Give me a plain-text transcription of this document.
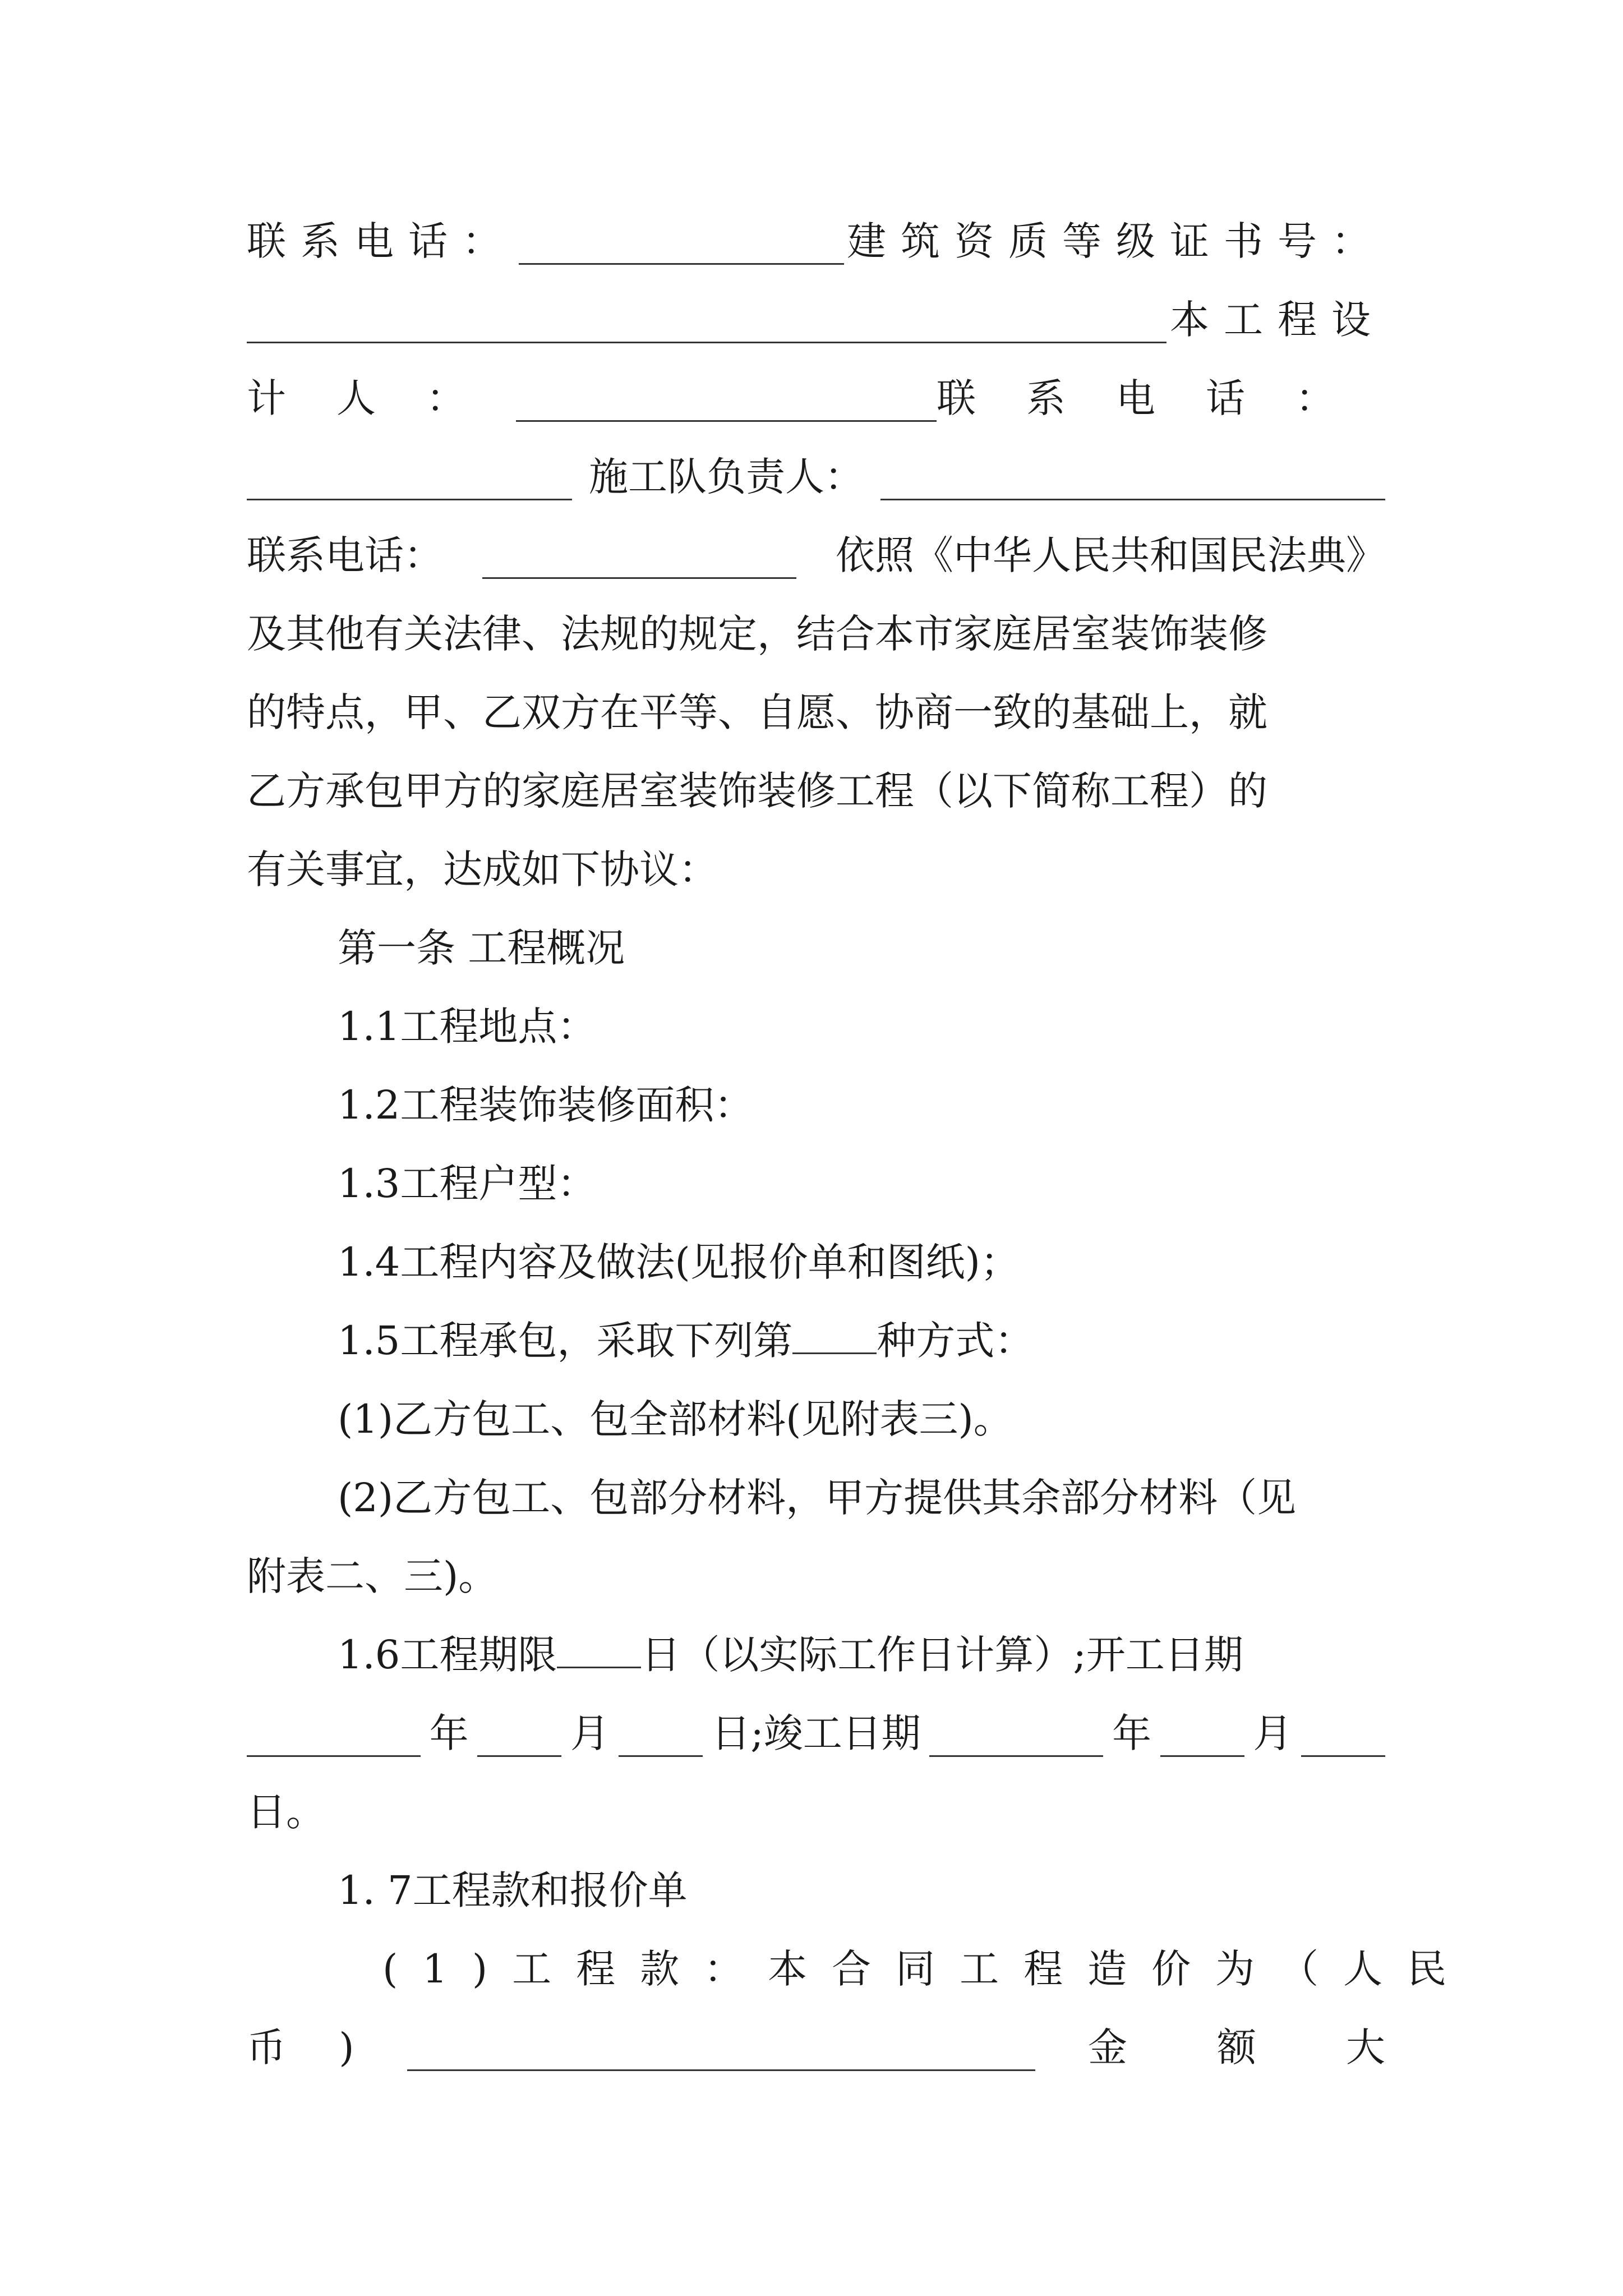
联系电话：	建筑资质等级证书号：
本工程设
计人：	联系电话：
施工队负责人：
联系电话：	依照《中华人民共和国民法典》
及其他有关法律、法规的规定，结合本市家庭居室装饰装修
的特点，甲、乙双方在平等、自愿、协商一致的基础上，就
乙方承包甲方的家庭居室装饰装修工程（以下简称工程）的
有关事宜，达成如下协议：
第一条 工程概况
1.1工程地点：
1.2工程装饰装修面积：
1.3工程户型：
1.4工程内容及做法(见报价单和图纸)；
1.5工程承包，采取下列第 种方式：
(1)乙方包工、包全部材料(见附表三)。
(2)乙方包工、包部分材料，甲方提供其余部分材料（见
附表二、三)。
1.6工程期限 日（以实际工作日计算）;开工日期
年	月	日;竣工日期	年	月
日。
1. 7工程款和报价单
(1)工程款：本合同工程造价为（人民
币 )	金额大
